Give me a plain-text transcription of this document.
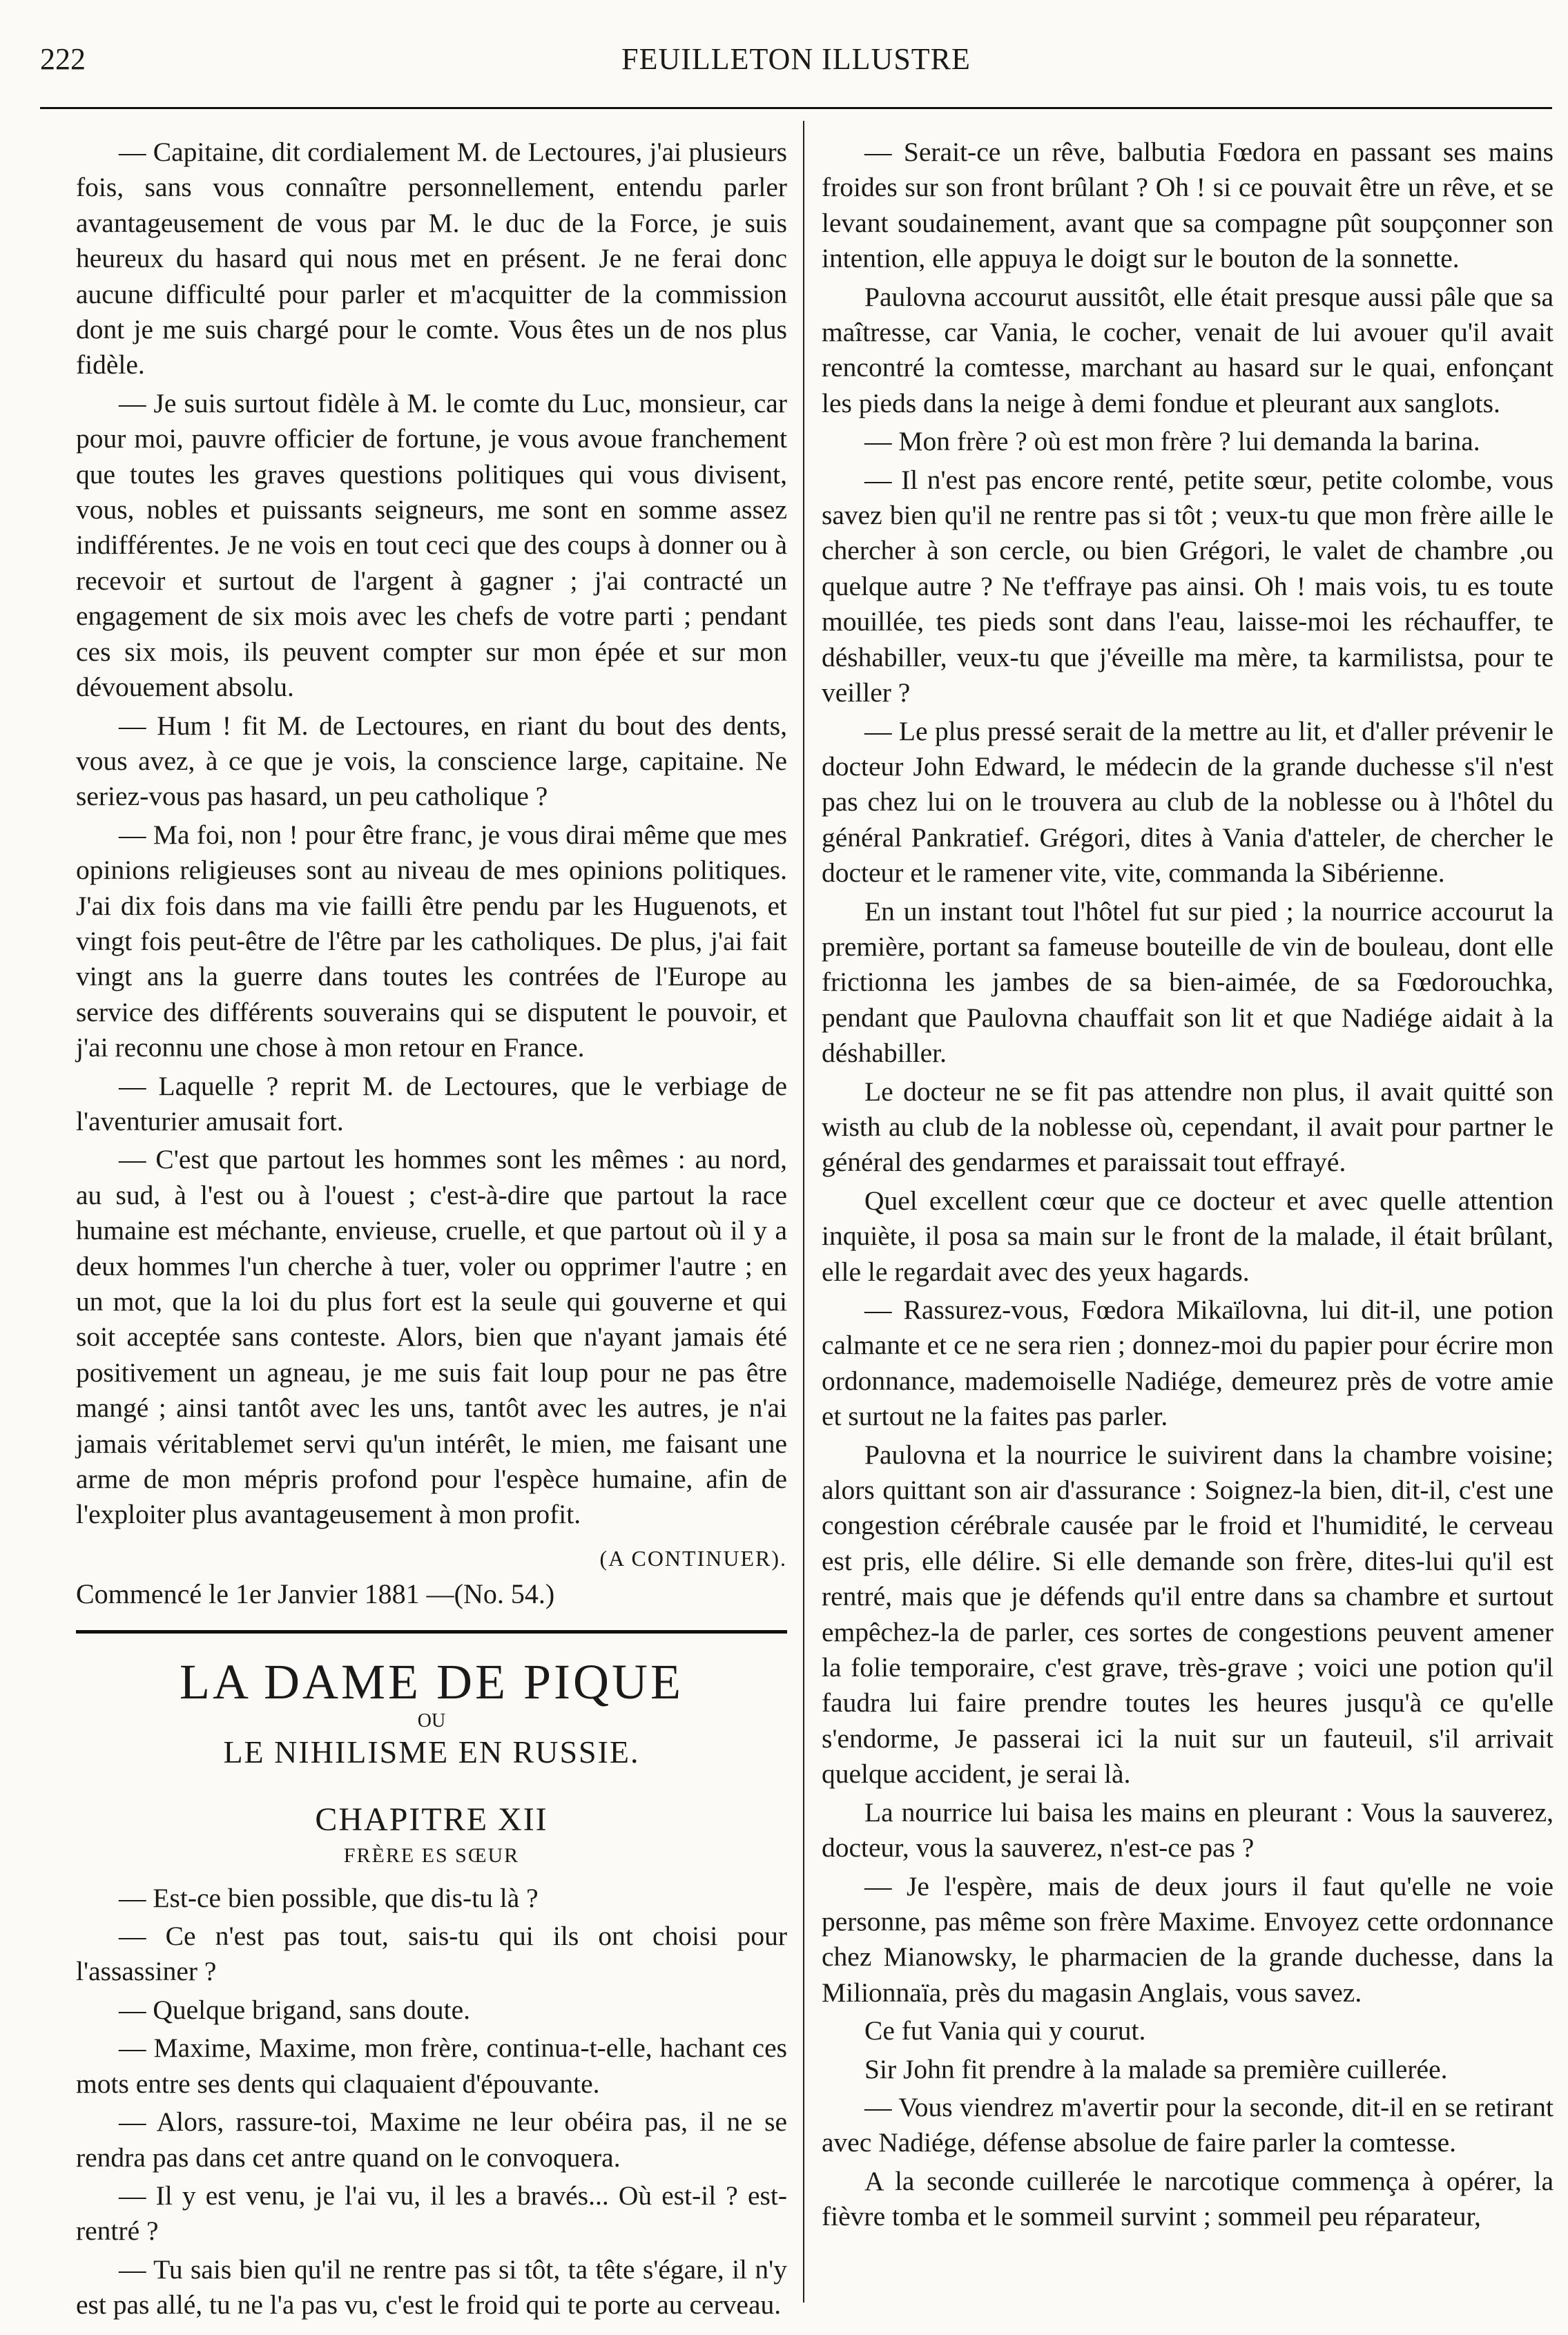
222	FEUILLETON ILLUSTRE

— Capitaine, dit cordialement M. de Lectoures, j'ai plusieurs fois, sans vous connaître personnellement, entendu parler avantageusement de vous par M. le duc de la Force, je suis heureux du hasard qui nous met en présent. Je ne ferai donc aucune difficulté pour parler et m'acquitter de la commission dont je me suis chargé pour le comte. Vous êtes un de nos plus fidèle.

— Je suis surtout fidèle à M. le comte du Luc, monsieur, car pour moi, pauvre officier de fortune, je vous avoue franchement que toutes les graves questions politiques qui vous divisent, vous, nobles et puissants seigneurs, me sont en somme assez indifférentes. Je ne vois en tout ceci que des coups à donner ou à recevoir et surtout de l'argent à gagner ; j'ai contracté un engagement de six mois avec les chefs de votre parti ; pendant ces six mois, ils peuvent compter sur mon épée et sur mon dévouement absolu.

— Hum ! fit M. de Lectoures, en riant du bout des dents, vous avez, à ce que je vois, la conscience large, capitaine. Ne seriez-vous pas hasard, un peu catholique ?

— Ma foi, non ! pour être franc, je vous dirai même que mes opinions religieuses sont au niveau de mes opinions politiques. J'ai dix fois dans ma vie failli être pendu par les Huguenots, et vingt fois peut-être de l'être par les catholiques. De plus, j'ai fait vingt ans la guerre dans toutes les contrées de l'Europe au service des différents souverains qui se disputent le pouvoir, et j'ai reconnu une chose à mon retour en France.

— Laquelle ? reprit M. de Lectoures, que le verbiage de l'aventurier amusait fort.

— C'est que partout les hommes sont les mêmes : au nord, au sud, à l'est ou à l'ouest ; c'est-à-dire que partout la race humaine est méchante, envieuse, cruelle, et que partout où il y a deux hommes l'un cherche à tuer, voler ou opprimer l'autre ; en un mot, que la loi du plus fort est la seule qui gouverne et qui soit acceptée sans conteste. Alors, bien que n'ayant jamais été positivement un agneau, je me suis fait loup pour ne pas être mangé ; ainsi tantôt avec les uns, tantôt avec les autres, je n'ai jamais véritablemet servi qu'un intérêt, le mien, me faisant une arme de mon mépris profond pour l'espèce humaine, afin de l'exploiter plus avantageusement à mon profit.

(A CONTINUER).
Commencé le 1er Janvier 1881 —(No. 54.)
LA DAME DE PIQUE
OU
LE NIHILISME EN RUSSIE.
CHAPITRE XII
FRÈRE ES SŒUR

— Est-ce bien possible, que dis-tu là ?

— Ce n'est pas tout, sais-tu qui ils ont choisi pour l'assassiner ?

— Quelque brigand, sans doute.

— Maxime, Maxime, mon frère, continua-t-elle, hachant ces mots entre ses dents qui claquaient d'épouvante.

— Alors, rassure-toi, Maxime ne leur obéira pas, il ne se rendra pas dans cet antre quand on le convoquera.

— Il y est venu, je l'ai vu, il les a bravés... Où est-il ? est-rentré ?

— Tu sais bien qu'il ne rentre pas si tôt, ta tête s'égare, il n'y est pas allé, tu ne l'a pas vu, c'est le froid qui te porte au cerveau.

— Serait-ce un rêve, balbutia Fœdora en passant ses mains froides sur son front brûlant ? Oh ! si ce pouvait être un rêve, et se levant soudainement, avant que sa compagne pût soupçonner son intention, elle appuya le doigt sur le bouton de la sonnette.

Paulovna accourut aussitôt, elle était presque aussi pâle que sa maîtresse, car Vania, le cocher, venait de lui avouer qu'il avait rencontré la comtesse, marchant au hasard sur le quai, enfonçant les pieds dans la neige à demi fondue et pleurant aux sanglots.

— Mon frère ? où est mon frère ? lui demanda la barina.

— Il n'est pas encore renté, petite sœur, petite colombe, vous savez bien qu'il ne rentre pas si tôt ; veux-tu que mon frère aille le chercher à son cercle, ou bien Grégori, le valet de chambre ,ou quelque autre ? Ne t'effraye pas ainsi. Oh ! mais vois, tu es toute mouillée, tes pieds sont dans l'eau, laisse-moi les réchauffer, te déshabiller, veux-tu que j'éveille ma mère, ta karmilistsa, pour te veiller ?

— Le plus pressé serait de la mettre au lit, et d'aller prévenir le docteur John Edward, le médecin de la grande duchesse s'il n'est pas chez lui on le trouvera au club de la noblesse ou à l'hôtel du général Pankratief. Grégori, dites à Vania d'atteler, de chercher le docteur et le ramener vite, vite, commanda la Sibérienne.

En un instant tout l'hôtel fut sur pied ; la nourrice accourut la première, portant sa fameuse bouteille de vin de bouleau, dont elle frictionna les jambes de sa bien-aimée, de sa Fœdorouchka, pendant que Paulovna chauffait son lit et que Nadiége aidait à la déshabiller.

Le docteur ne se fit pas attendre non plus, il avait quitté son wisth au club de la noblesse où, cependant, il avait pour partner le général des gendarmes et paraissait tout effrayé.

Quel excellent cœur que ce docteur et avec quelle attention inquiète, il posa sa main sur le front de la malade, il était brûlant, elle le regardait avec des yeux hagards.

— Rassurez-vous, Fœdora Mikaïlovna, lui dit-il, une potion calmante et ce ne sera rien ; donnez-moi du papier pour écrire mon ordonnance, mademoiselle Nadiége, demeurez près de votre amie et surtout ne la faites pas parler.

Paulovna et la nourrice le suivirent dans la chambre voisine; alors quittant son air d'assurance : Soignez-la bien, dit-il, c'est une congestion cérébrale causée par le froid et l'humidité, le cerveau est pris, elle délire. Si elle demande son frère, dites-lui qu'il est rentré, mais que je défends qu'il entre dans sa chambre et surtout empêchez-la de parler, ces sortes de congestions peuvent amener la folie temporaire, c'est grave, très-grave ; voici une potion qu'il faudra lui faire prendre toutes les heures jusqu'à ce qu'elle s'endorme, Je passerai ici la nuit sur un fauteuil, s'il arrivait quelque accident, je serai là.

La nourrice lui baisa les mains en pleurant : Vous la sauverez, docteur, vous la sauverez, n'est-ce pas ?

— Je l'espère, mais de deux jours il faut qu'elle ne voie personne, pas même son frère Maxime. Envoyez cette ordonnance chez Mianowsky, le pharmacien de la grande duchesse, dans la Milionnaïa, près du magasin Anglais, vous savez.

Ce fut Vania qui y courut.

Sir John fit prendre à la malade sa première cuillerée.

— Vous viendrez m'avertir pour la seconde, dit-il en se retirant avec Nadiége, défense absolue de faire parler la comtesse.

A la seconde cuillerée le narcotique commença à opérer, la fièvre tomba et le sommeil survint ; sommeil peu réparateur,
